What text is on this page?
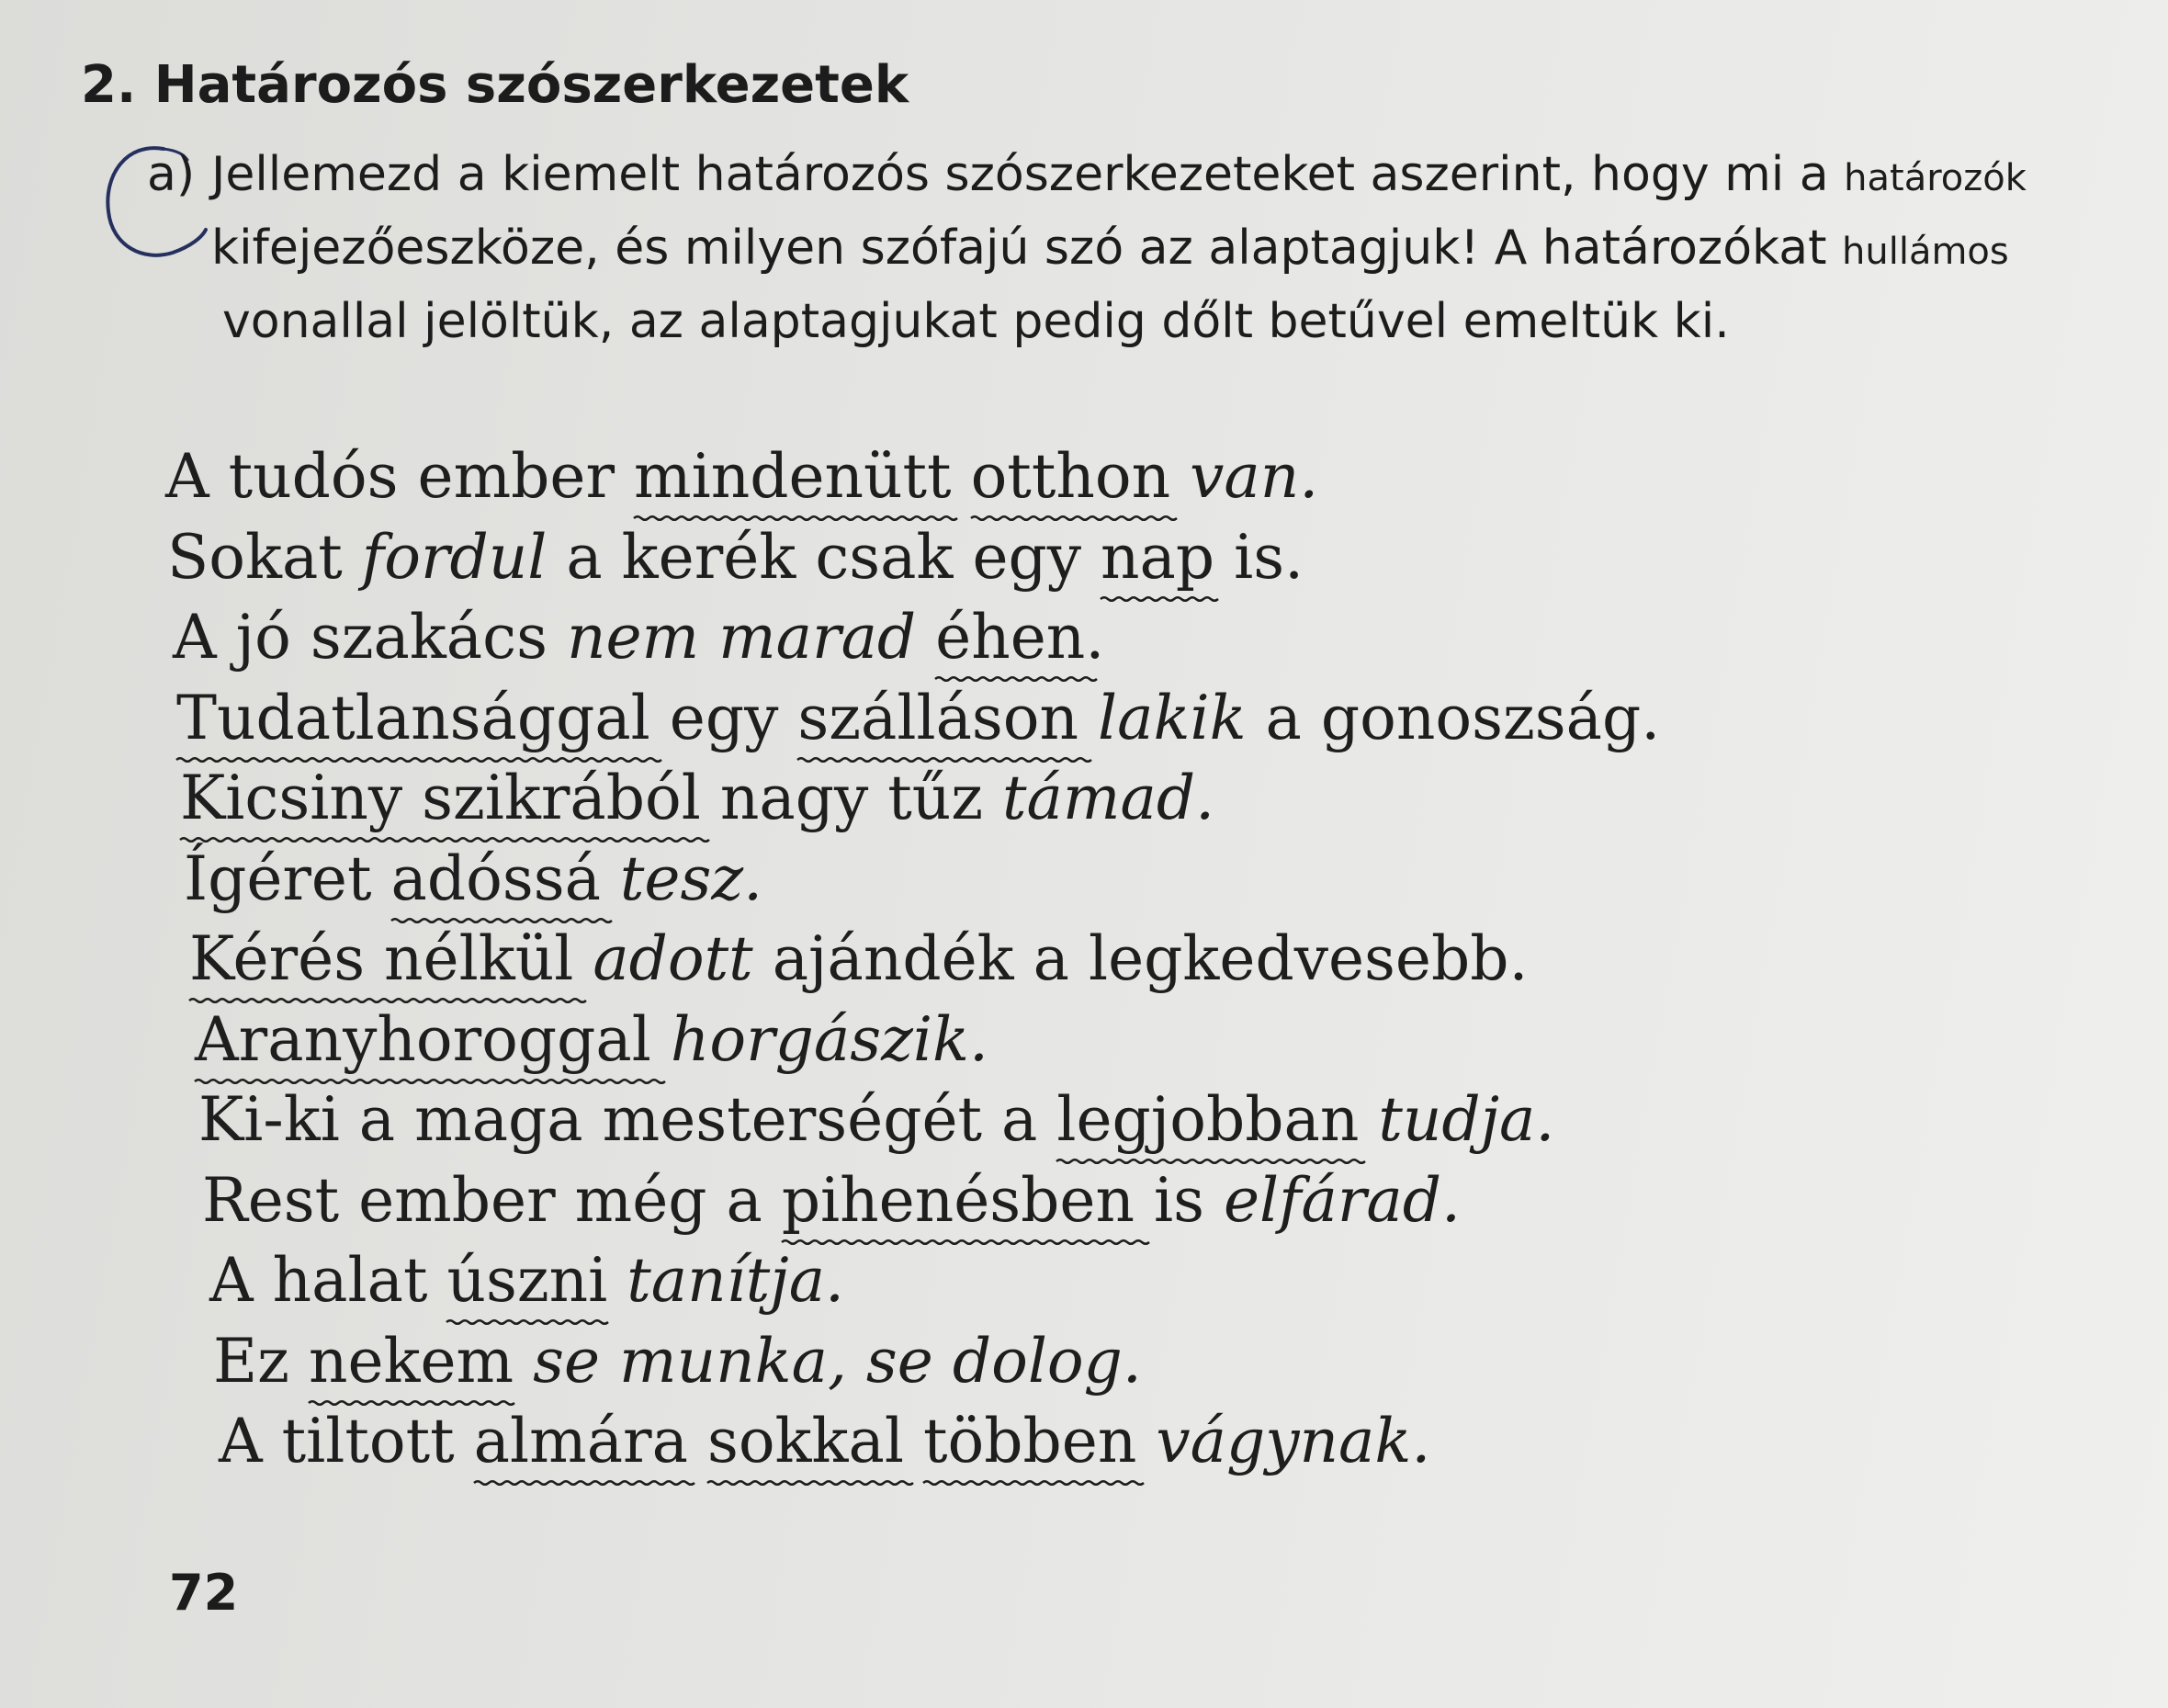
2. Határozós szószerkezetek
a) Jellemezd a kiemelt határozós szószerkezeteket aszerint, hogy mi a határozók
kifejezőeszköze, és milyen szófajú szó az alaptagjuk! A határozókat hullámos
vonallal jelöltük, az alaptagjukat pedig dőlt betűvel emeltük ki.
A tudós ember mindenütt otthon van.
Sokat fordul a kerék csak egy nap
is.
A jó szakács nem marad éhen
.
Tudatlansággal
egy szálláson lakik a gonoszság.
Kicsiny szikrából
nagy tűz támad.
Ígéret adóssá tesz.
Kérés nélkül adott ajándék a legkedvesebb.
Aranyhoroggal horgászik.
Ki-ki a maga mesterségét a legjobban tudja.
Rest ember még a pihenésben
is elfárad.
A halat úszni tanítja.
Ez nekem se munka, se dolog.
A tiltott almára sokkal többen vágynak.
72
